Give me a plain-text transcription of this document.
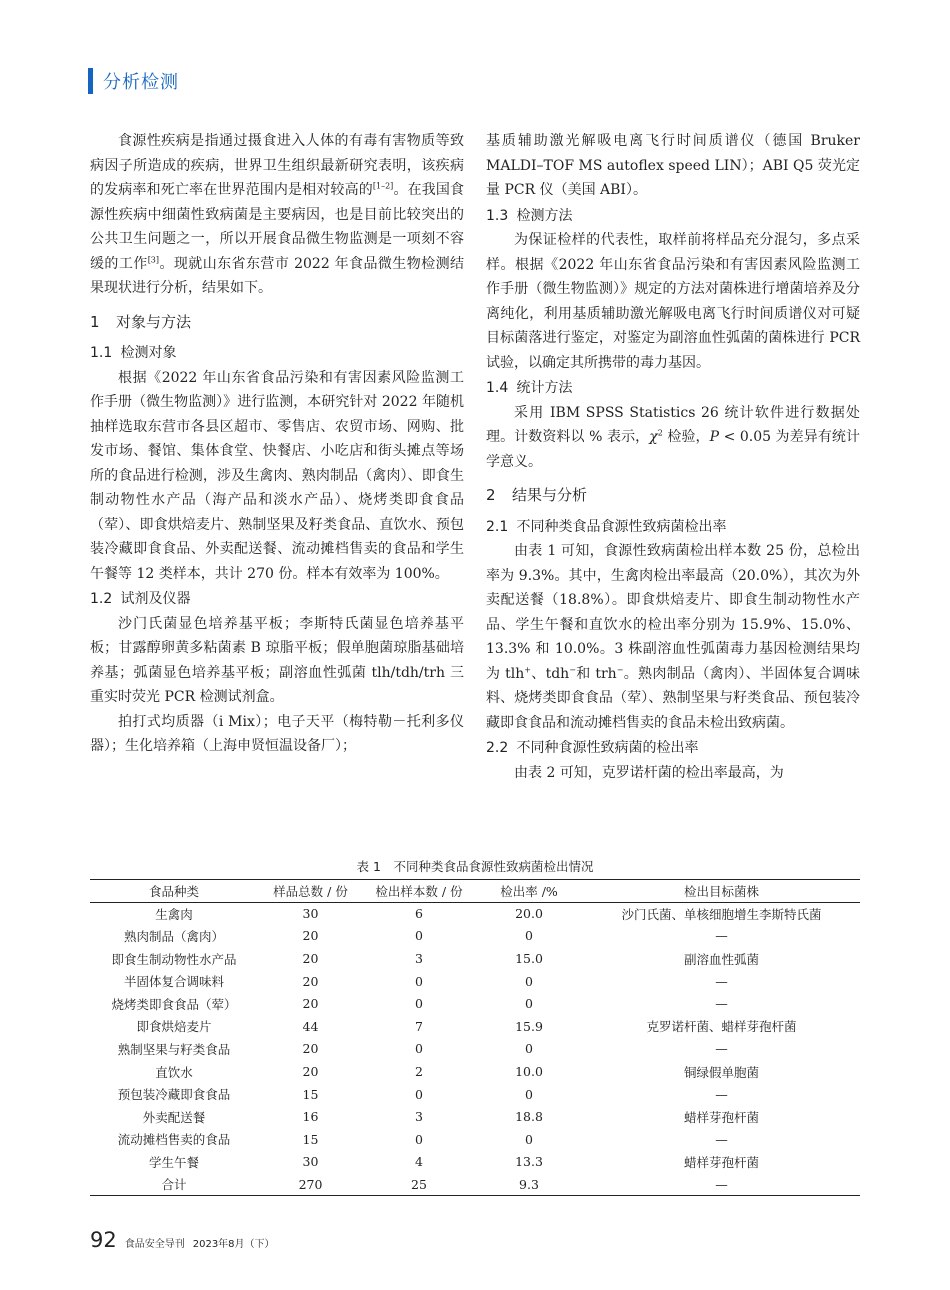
分析检测

食源性疾病是指通过摄食进入人体的有毒有害物质等致病因子所造成的疾病，世界卫生组织最新研究表明，该疾病的发病率和死亡率在世界范围内是相对较高的[1–2]。在我国食源性疾病中细菌性致病菌是主要病因，也是目前比较突出的公共卫生问题之一，所以开展食品微生物监测是一项刻不容缓的工作[3]。现就山东省东营市 2022 年食品微生物检测结果现状进行分析，结果如下。

1 对象与方法
1.1 检测对象

根据《2022 年山东省食品污染和有害因素风险监测工作手册（微生物监测）》进行监测，本研究针对 2022 年随机抽样选取东营市各县区超市、零售店、农贸市场、网购、批发市场、餐馆、集体食堂、快餐店、小吃店和街头摊点等场所的食品进行检测，涉及生禽肉、熟肉制品（禽肉）、即食生制动物性水产品（海产品和淡水产品）、烧烤类即食食品（荤）、即食烘焙麦片、熟制坚果及籽类食品、直饮水、预包装冷藏即食食品、外卖配送餐、流动摊档售卖的食品和学生午餐等 12 类样本，共计 270 份。样本有效率为 100%。

1.2 试剂及仪器

沙门氏菌显色培养基平板；李斯特氏菌显色培养基平板；甘露醇卵黄多粘菌素 B 琼脂平板；假单胞菌琼脂基础培养基；弧菌显色培养基平板；副溶血性弧菌 tlh/tdh/trh 三重实时荧光 PCR 检测试剂盒。

拍打式均质器（i Mix）；电子天平（梅特勒－托利多仪器）；生化培养箱（上海申贤恒温设备厂）；

基质辅助激光解吸电离飞行时间质谱仪（德国 Bruker MALDI–TOF MS autoflex speed LIN）；ABI Q5 荧光定量 PCR 仪（美国 ABI）。

1.3 检测方法

为保证检样的代表性，取样前将样品充分混匀，多点采样。根据《2022 年山东省食品污染和有害因素风险监测工作手册（微生物监测）》规定的方法对菌株进行增菌培养及分离纯化，利用基质辅助激光解吸电离飞行时间质谱仪对可疑目标菌落进行鉴定，对鉴定为副溶血性弧菌的菌株进行 PCR 试验，以确定其所携带的毒力基因。

1.4 统计方法

采用 IBM SPSS Statistics 26 统计软件进行数据处理。计数资料以 % 表示，$\chi^2$ 检验，P < 0.05 为差异有统计学意义。

2 结果与分析
2.1 不同种类食品食源性致病菌检出率

由表 1 可知，食源性致病菌检出样本数 25 份，总检出率为 9.3%。其中，生禽肉检出率最高（20.0%），其次为外卖配送餐（18.8%）。即食烘焙麦片、即食生制动物性水产品、学生午餐和直饮水的检出率分别为 15.9%、15.0%、13.3% 和 10.0%。3 株副溶血性弧菌毒力基因检测结果均为 tlh+、tdh−和 trh−。熟肉制品（禽肉）、半固体复合调味料、烧烤类即食食品（荤）、熟制坚果与籽类食品、预包装冷藏即食食品和流动摊档售卖的食品未检出致病菌。

2.2 不同种食源性致病菌的检出率

由表 2 可知，克罗诺杆菌的检出率最高，为

表 1　不同种类食品食源性致病菌检出情况
食品种类	样品总数 / 份	检出样本数 / 份	检出率 /%	检出目标菌株
生禽肉	30	6	20.0	沙门氏菌、单核细胞增生李斯特氏菌
熟肉制品（禽肉）	20	0	0	—
即食生制动物性水产品	20	3	15.0	副溶血性弧菌
半固体复合调味料	20	0	0	—
烧烤类即食食品（荤）	20	0	0	—
即食烘焙麦片	44	7	15.9	克罗诺杆菌、蜡样芽孢杆菌
熟制坚果与籽类食品	20	0	0	—
直饮水	20	2	10.0	铜绿假单胞菌
预包装冷藏即食食品	15	0	0	—
外卖配送餐	16	3	18.8	蜡样芽孢杆菌
流动摊档售卖的食品	15	0	0	—
学生午餐	30	4	13.3	蜡样芽孢杆菌
合计	270	25	9.3	—
92 食品安全导刊 2023年8月（下）
